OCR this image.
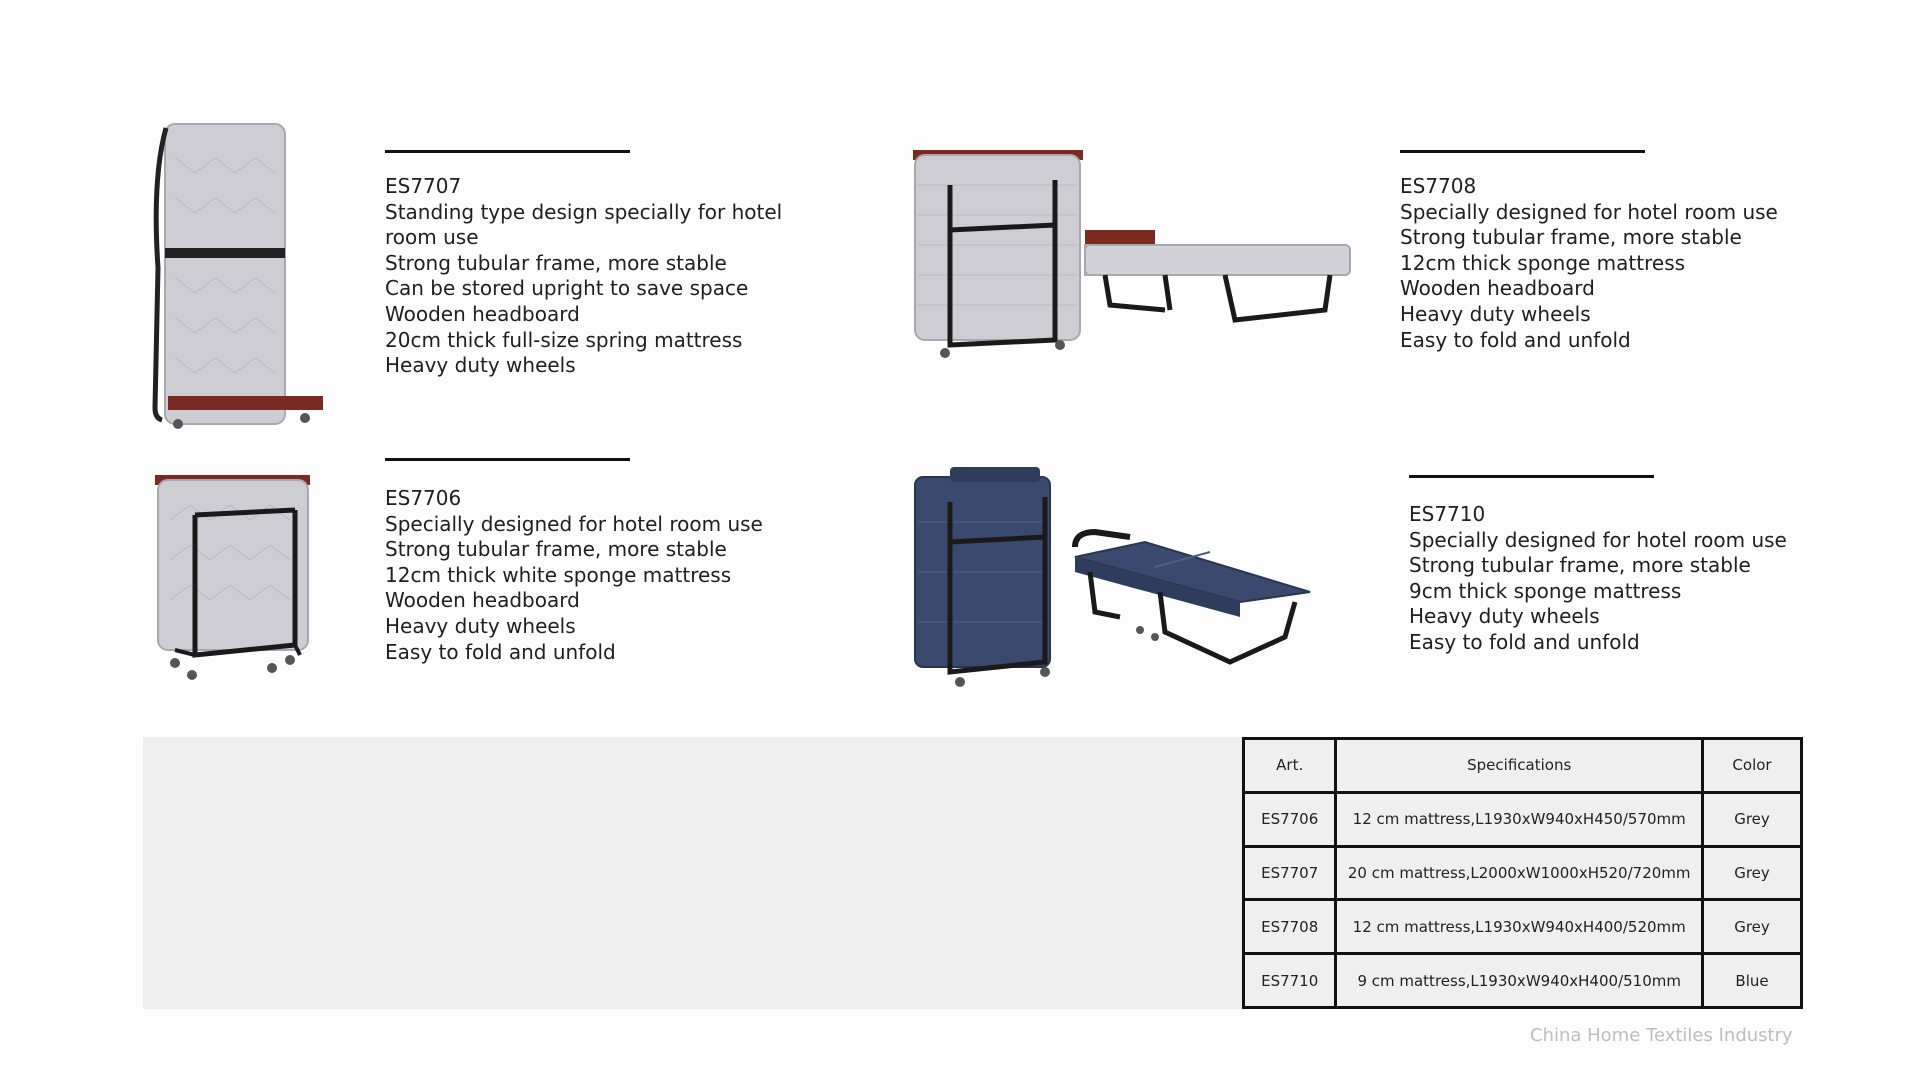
ES7707
Standing type design specially for hotel room use
Strong tubular frame, more stable
Can be stored upright to save space
Wooden headboard
20cm thick full-size spring mattress
Heavy duty wheels
ES7708
Specially designed for hotel room use
Strong tubular frame, more stable
12cm thick sponge mattress
Wooden headboard
Heavy duty wheels
Easy to fold and unfold
ES7706
Specially designed for hotel room use
Strong tubular frame, more stable
12cm thick white sponge mattress
Wooden headboard
Heavy duty wheels
Easy to fold and unfold
ES7710
Specially designed for hotel room use
Strong tubular frame, more stable
9cm thick sponge mattress
Heavy duty wheels
Easy to fold and unfold
Art.	Specifications	Color
ES7706	12 cm mattress,L1930xW940xH450/570mm	Grey
ES7707	20 cm mattress,L2000xW1000xH520/720mm	Grey
ES7708	12 cm mattress,L1930xW940xH400/520mm	Grey
ES7710	9 cm mattress,L1930xW940xH400/510mm	Blue
China Home Textiles Industry
